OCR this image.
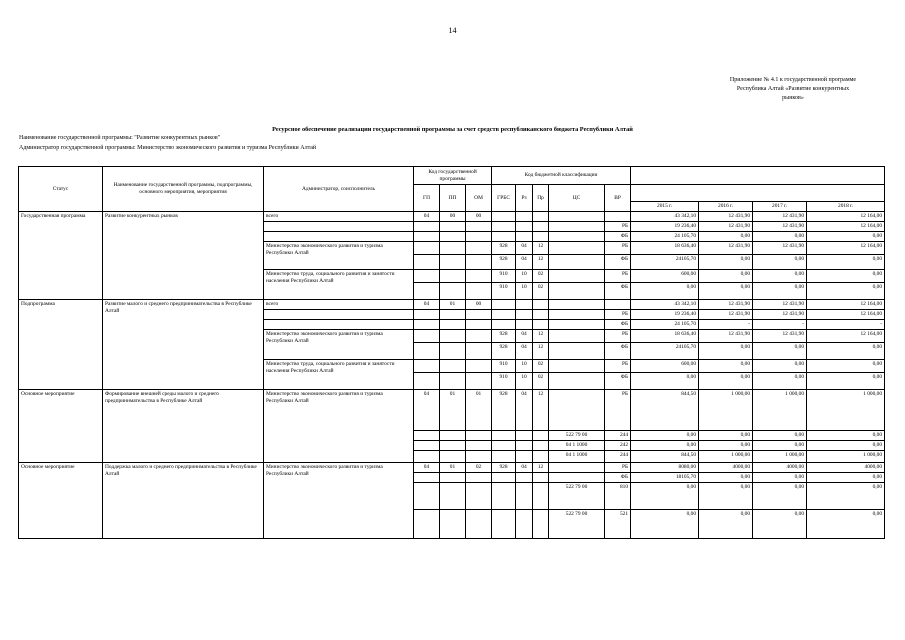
14
Приложение № 4.1 к государственной программе
Республика Алтай «Развитие конкурентных
рынков»
Ресурсное обеспечение реализации государственной программы за счет средств республиканского бюджета Республики Алтай
Наименование государственной программы: "Развитие конкурентных рынков"
Администратор государственной программы: Министерство экономического развития и туризма Республики Алтай
Статус	Наименование государственной программы, подпрограммы, основного мероприятия, мероприятия	Администратор, соисполнитель	Код государственной программы			Код бюджетной классификации								
			ГП	ПП	ОМ	ГРБС	Рз	Пр	ЦС	ВР				
											2015 г.	2016 г.	2017 г.	2018 г.
Государственная программа	Развитие конкурентных рынков	всего	04	00	00						43 342,10	12 431,90	12 431,90	12 164,00
										РБ	19 236,40	12 431,90	12 431,90	12 164,00
										ФБ	24 105,70	0,00	0,00	0,00
		Министерство экономического развития и туризма Республики Алтай				928	04	12		РБ	18 636,40	12 431,90	12 431,90	12 164,00
						928	04	12		ФБ	24105,70	0,00	0,00	0,00
		Министерство труда, социального развития и занятости населения Республики Алтай				910	10	02		РБ	600,00	0,00	0,00	0,00
						910	10	02		ФБ	0,00	0,00	0,00	0,00
Подпрограмма	Развитие малого и среднего предпринимательства в Республике Алтай	всего	04	01	00						43 342,10	12 431,90	12 431,90	12 164,00
										РБ	19 236,40	12 431,90	12 431,90	12 164,00
										ФБ	24 105,70	-	-	-
		Министерство экономического развития и туризма Республики Алтай				928	04	12		РБ	18 636,40	12 431,90	12 431,90	12 164,00
						928	04	12		ФБ	24105,70	0,00	0,00	0,00
		Министерство труда, социального развития и занятости населения Республики Алтай				910	10	02		РБ	600,00	0,00	0,00	0,00
						910	10	02		ФБ	0,00	0,00	0,00	0,00
Основное мероприятие	Формирование внешней среды малого и среднего предпринимательства в Республике Алтай	Министерство экономического развития и туризма Республики Алтай	04	01	01	928	04	12		РБ	844,50	1 000,00	1 000,00	1 000,00
									522 79 00	244	0,00	0,00	0,00	0,00
									04 1 1000	242	0,00	0,00	0,00	0,00
									04 1 1000	244	844,50	1 000,00	1 000,00	1 000,00
Основное мероприятие	Поддержка малого и среднего предпринимательства в Республике Алтай	Министерство экономического развития и туризма Республики Алтай	04	01	02	928	04	12		РБ	8080,00	4000,00	4000,00	4000,00
										ФБ	18105,70	0,00	0,00	0,00
									522 79 00	810	0,00	0,00	0,00	0,00
									522 79 00	521	0,00	0,00	0,00	0,00
